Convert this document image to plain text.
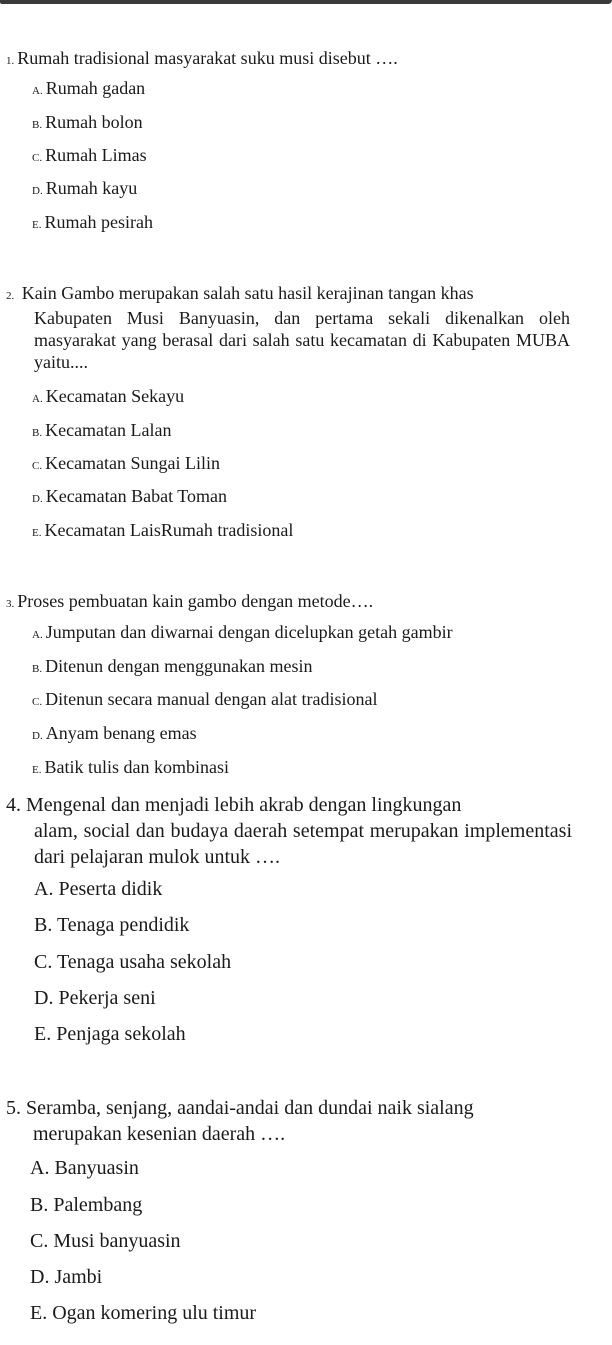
1. Rumah tradisional masyarakat suku musi disebut ….
A. Rumah gadan
B. Rumah bolon
C. Rumah Limas
D. Rumah kayu
E. Rumah pesirah
2. Kain Gambo merupakan salah satu hasil kerajinan tangan khas
Kabupaten Musi Banyuasin, dan pertama sekali dikenalkan oleh masyarakat yang berasal dari salah satu kecamatan di Kabupaten MUBA yaitu....
A. Kecamatan Sekayu
B. Kecamatan Lalan
C. Kecamatan Sungai Lilin
D. Kecamatan Babat Toman
E. Kecamatan LaisRumah tradisional
3. Proses pembuatan kain gambo dengan metode….
A. Jumputan dan diwarnai dengan dicelupkan getah gambir
B. Ditenun dengan menggunakan mesin
C. Ditenun secara manual dengan alat tradisional
D. Anyam benang emas
E. Batik tulis dan kombinasi
4. Mengenal dan menjadi lebih akrab dengan lingkungan
alam, social dan budaya daerah setempat merupakan implementasi dari pelajaran mulok untuk ….
A. Peserta didik
B. Tenaga pendidik
C. Tenaga usaha sekolah
D. Pekerja seni
E. Penjaga sekolah
5. Seramba, senjang, aandai-andai dan dundai naik sialang
merupakan kesenian daerah ….
A. Banyuasin
B. Palembang
C. Musi banyuasin
D. Jambi
E. Ogan komering ulu timur
